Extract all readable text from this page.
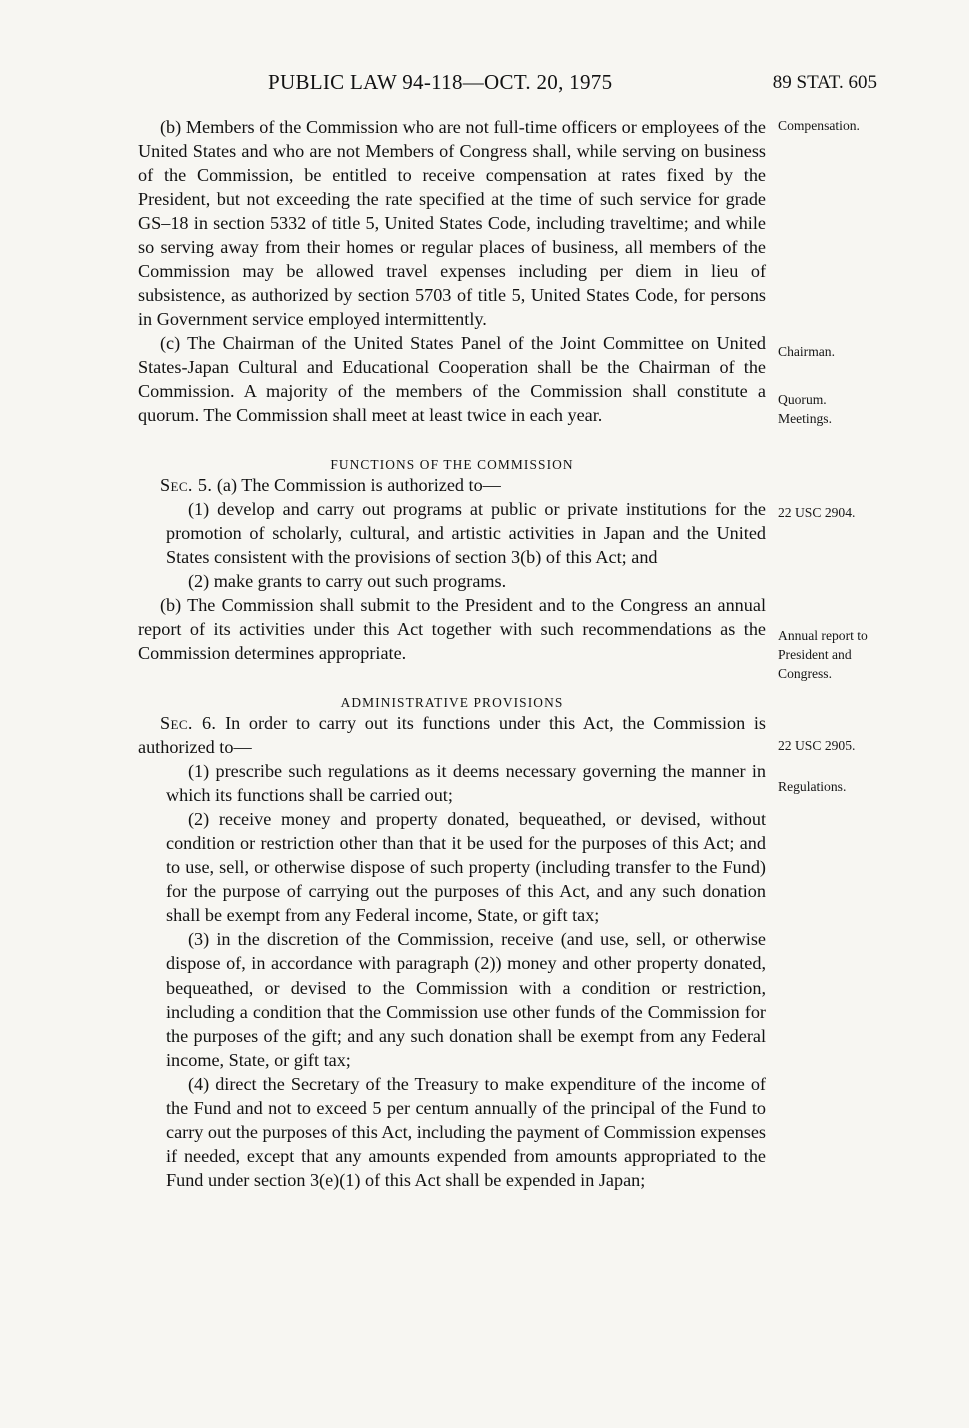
PUBLIC LAW 94-118—OCT. 20, 1975	89 STAT. 605
Compensation.
Chairman.
Quorum.
Meetings.
22 USC 2904.
Annual report to
President and
Congress.
22 USC 2905.
Regulations.

(b) Members of the Commission who are not full-time officers or employees of the United States and who are not Members of Congress shall, while serving on business of the Commission, be entitled to receive compensation at rates fixed by the President, but not exceeding the rate specified at the time of such service for grade GS–18 in section 5332 of title 5, United States Code, including traveltime; and while so serving away from their homes or regular places of business, all members of the Commission may be allowed travel expenses including per diem in lieu of subsistence, as authorized by section 5703 of title 5, United States Code, for persons in Government service employed intermittently.

(c) The Chairman of the United States Panel of the Joint Committee on United States-Japan Cultural and Educational Cooperation shall be the Chairman of the Commission. A majority of the members of the Commission shall constitute a quorum. The Commission shall meet at least twice in each year.

FUNCTIONS OF THE COMMISSION

Sec. 5. (a) The Commission is authorized to—

(1) develop and carry out programs at public or private institutions for the promotion of scholarly, cultural, and artistic activities in Japan and the United States consistent with the provisions of section 3(b) of this Act; and

(2) make grants to carry out such programs.

(b) The Commission shall submit to the President and to the Congress an annual report of its activities under this Act together with such recommendations as the Commission determines appropriate.

ADMINISTRATIVE PROVISIONS

Sec. 6. In order to carry out its functions under this Act, the Commission is authorized to—

(1) prescribe such regulations as it deems necessary governing the manner in which its functions shall be carried out;

(2) receive money and property donated, bequeathed, or devised, without condition or restriction other than that it be used for the purposes of this Act; and to use, sell, or otherwise dispose of such property (including transfer to the Fund) for the purpose of carrying out the purposes of this Act, and any such donation shall be exempt from any Federal income, State, or gift tax;

(3) in the discretion of the Commission, receive (and use, sell, or otherwise dispose of, in accordance with paragraph (2)) money and other property donated, bequeathed, or devised to the Commission with a condition or restriction, including a condition that the Commission use other funds of the Commission for the purposes of the gift; and any such donation shall be exempt from any Federal income, State, or gift tax;

(4) direct the Secretary of the Treasury to make expenditure of the income of the Fund and not to exceed 5 per centum annually of the principal of the Fund to carry out the purposes of this Act, including the payment of Commission expenses if needed, except that any amounts expended from amounts appropriated to the Fund under section 3(e)(1) of this Act shall be expended in Japan;
